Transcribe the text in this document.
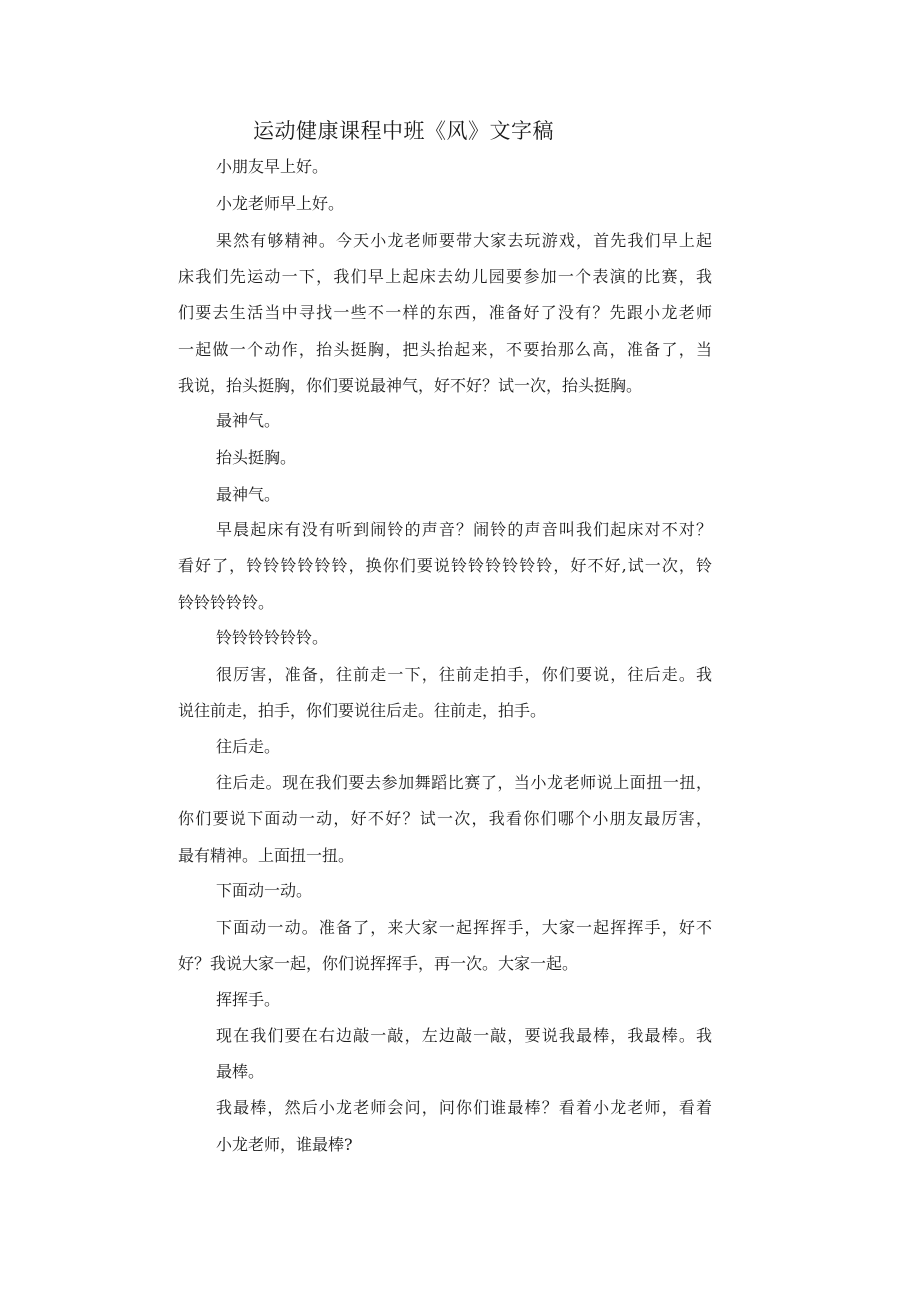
运动健康课程中班《风》文字稿
小朋友早上好。
小龙老师早上好。
果然有够精神。今天小龙老师要带大家去玩游戏，首先我们早上起
床我们先运动一下，我们早上起床去幼儿园要参加一个表演的比赛，我
们要去生活当中寻找一些不一样的东西，准备好了没有？先跟小龙老师
一起做一个动作，抬头挺胸，把头抬起来，不要抬那么高，准备了，当
我说，抬头挺胸，你们要说最神气，好不好？试一次，抬头挺胸。
最神气。
抬头挺胸。
最神气。
早晨起床有没有听到闹铃的声音？闹铃的声音叫我们起床对不对？
看好了，铃铃铃铃铃铃，换你们要说铃铃铃铃铃铃，好不好,试一次，铃
铃铃铃铃铃。
铃铃铃铃铃铃。
很厉害，准备，往前走一下，往前走拍手，你们要说，往后走。我
说往前走，拍手，你们要说往后走。往前走，拍手。
往后走。
往后走。现在我们要去参加舞蹈比赛了，当小龙老师说上面扭一扭，
你们要说下面动一动，好不好？试一次，我看你们哪个小朋友最厉害，
最有精神。上面扭一扭。
下面动一动。
下面动一动。准备了，来大家一起挥挥手，大家一起挥挥手，好不
好？我说大家一起，你们说挥挥手，再一次。大家一起。
挥挥手。
现在我们要在右边敲一敲，左边敲一敲，要说我最棒，我最棒。我
最棒。
我最棒，然后小龙老师会问，问你们谁最棒？看着小龙老师，看着
小龙老师，谁最棒?
